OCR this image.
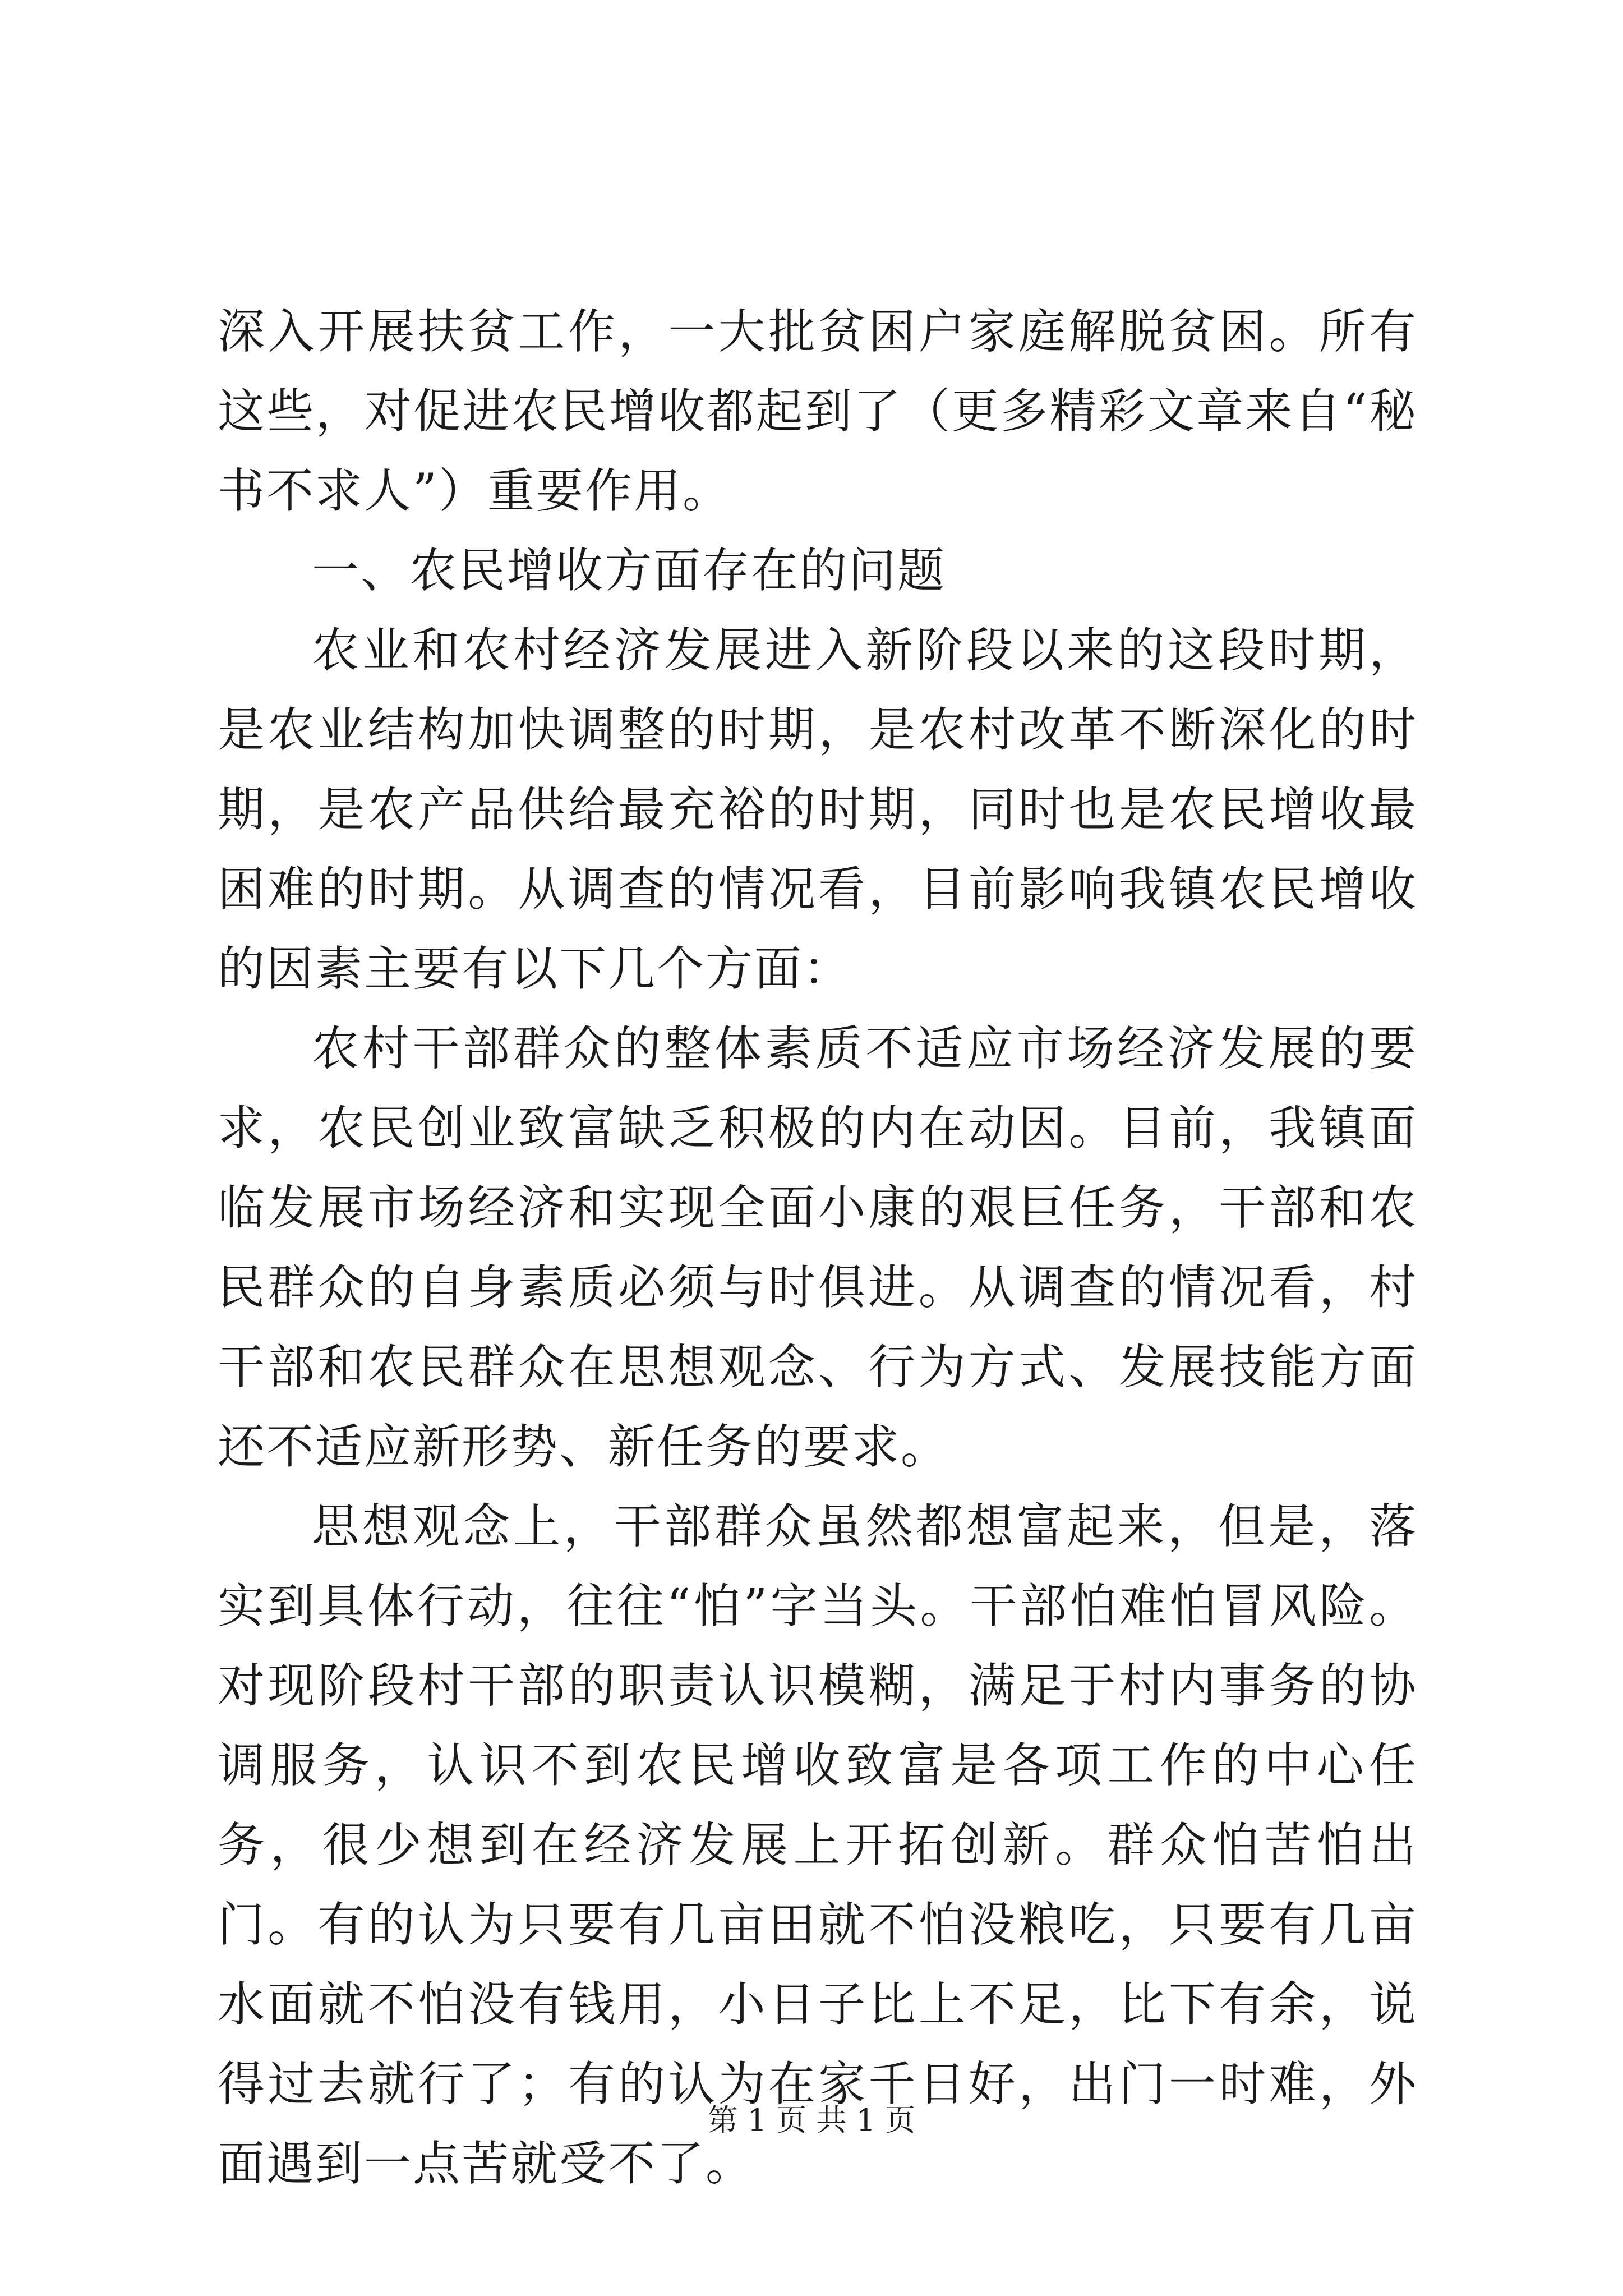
深入开展扶贫工作，一大批贫困户家庭解脱贫困。所有这些，对促进农民增收都起到了（更多精彩文章来自“秘书不求人”）重要作用。

一、农民增收方面存在的问题

农业和农村经济发展进入新阶段以来的这段时期，是农业结构加快调整的时期，是农村改革不断深化的时期，是农产品供给最充裕的时期，同时也是农民增收最困难的时期。从调查的情况看，目前影响我镇农民增收的因素主要有以下几个方面：

农村干部群众的整体素质不适应市场经济发展的要求，农民创业致富缺乏积极的内在动因。目前，我镇面临发展市场经济和实现全面小康的艰巨任务，干部和农民群众的自身素质必须与时俱进。从调查的情况看，村干部和农民群众在思想观念、行为方式、发展技能方面还不适应新形势、新任务的要求。

思想观念上，干部群众虽然都想富起来，但是，落实到具体行动，往往“怕”字当头。干部怕难怕冒风险。对现阶段村干部的职责认识模糊，满足于村内事务的协调服务，认识不到农民增收致富是各项工作的中心任务，很少想到在经济发展上开拓创新。群众怕苦怕出门。有的认为只要有几亩田就不怕没粮吃，只要有几亩水面就不怕没有钱用，小日子比上不足，比下有余，说得过去就行了；有的认为在家千日好，出门一时难，外面遇到一点苦就受不了。

第 1 页 共 1 页
